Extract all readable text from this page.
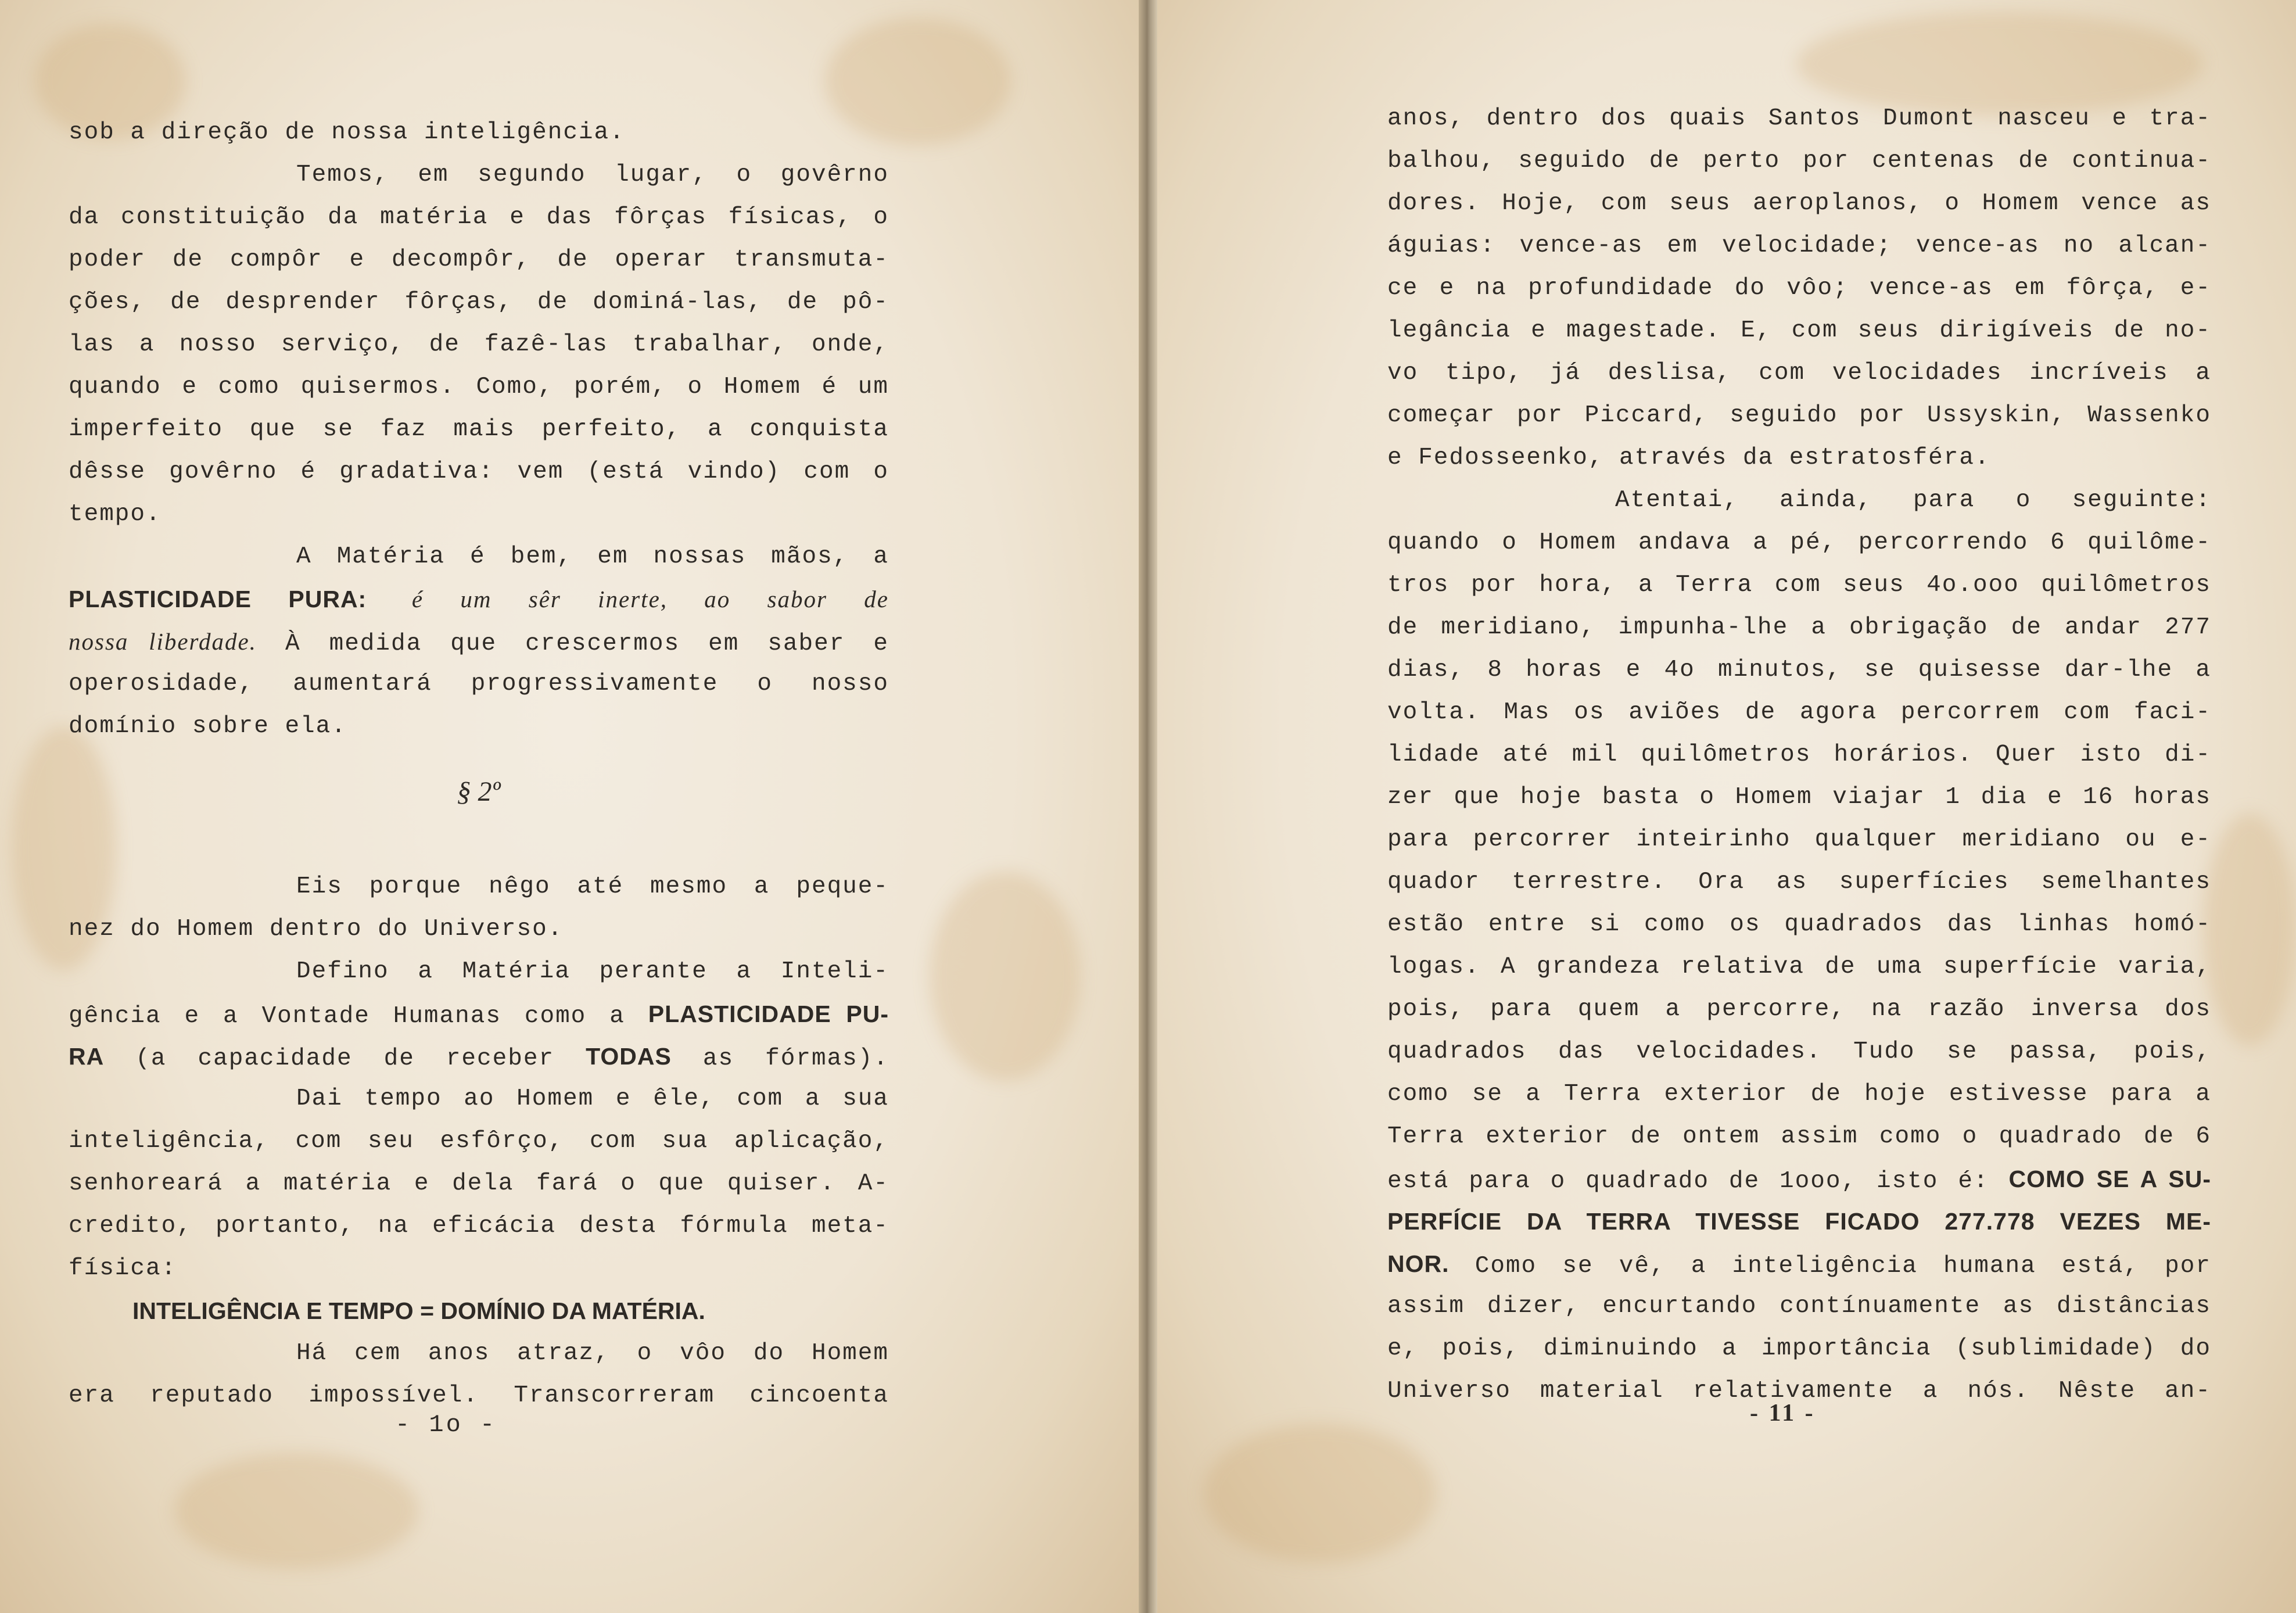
sob a direção de nossa inteligência.
Temos, em segundo lugar, o govêrno
da constituição da matéria e das fôrças físicas, o
poder de compôr e decompôr, de operar transmuta-
ções, de desprender fôrças, de dominá-las, de pô-
las a nosso serviço, de fazê-las trabalhar, onde,
quando e como quisermos. Como, porém, o Homem é um
imperfeito que se faz mais perfeito, a conquista
dêsse govêrno é gradativa: vem (está vindo) com o
tempo.
A Matéria é bem, em nossas mãos, a
PLASTICIDADE PURA: é um sêr inerte, ao sabor de
nossa liberdade. À medida que crescermos em saber e
operosidade, aumentará progressivamente o nosso
domínio sobre ela.
§ 2º
Eis porque nêgo até mesmo a peque-
nez do Homem dentro do Universo.
Defino a Matéria perante a Inteli-
gência e a Vontade Humanas como a PLASTICIDADE PU-
RA (a capacidade de receber TODAS as fórmas).
Dai tempo ao Homem e êle, com a sua
inteligência, com seu esfôrço, com sua aplicação,
senhoreará a matéria e dela fará o que quiser. A-
credito, portanto, na eficácia desta fórmula meta-
física:
INTELIGÊNCIA E TEMPO = DOMÍNIO DA MATÉRIA.
Há cem anos atraz, o vôo do Homem
era reputado impossível. Transcorreram cincoenta
- 1o -
anos, dentro dos quais Santos Dumont nasceu e tra-
balhou, seguido de perto por centenas de continua-
dores. Hoje, com seus aeroplanos, o Homem vence as
águias: vence-as em velocidade; vence-as no alcan-
ce e na profundidade do vôo; vence-as em fôrça, e-
legância e magestade. E, com seus dirigíveis de no-
vo tipo, já deslisa, com velocidades incríveis a
começar por Piccard, seguido por Ussyskin, Wassenko
e Fedosseenko, através da estratosféra.
Atentai, ainda, para o seguinte:
quando o Homem andava a pé, percorrendo 6 quilôme-
tros por hora, a Terra com seus 4o.ooo quilômetros
de meridiano, impunha-lhe a obrigação de andar 277
dias, 8 horas e 4o minutos, se quisesse dar-lhe a
volta. Mas os aviões de agora percorrem com faci-
lidade até mil quilômetros horários. Quer isto di-
zer que hoje basta o Homem viajar 1 dia e 16 horas
para percorrer inteirinho qualquer meridiano ou e-
quador terrestre. Ora as superfícies semelhantes
estão entre si como os quadrados das linhas homó-
logas. A grandeza relativa de uma superfície varia,
pois, para quem a percorre, na razão inversa dos
quadrados das velocidades. Tudo se passa, pois,
como se a Terra exterior de hoje estivesse para a
Terra exterior de ontem assim como o quadrado de 6
está para o quadrado de 1ooo, isto é: COMO SE A SU-
PERFÍCIE DA TERRA TIVESSE FICADO 277.778 VEZES ME-
NOR. Como se vê, a inteligência humana está, por
assim dizer, encurtando contínuamente as distâncias
e, pois, diminuindo a importância (sublimidade) do
Universo material relativamente a nós. Nêste an-
- 11 -
